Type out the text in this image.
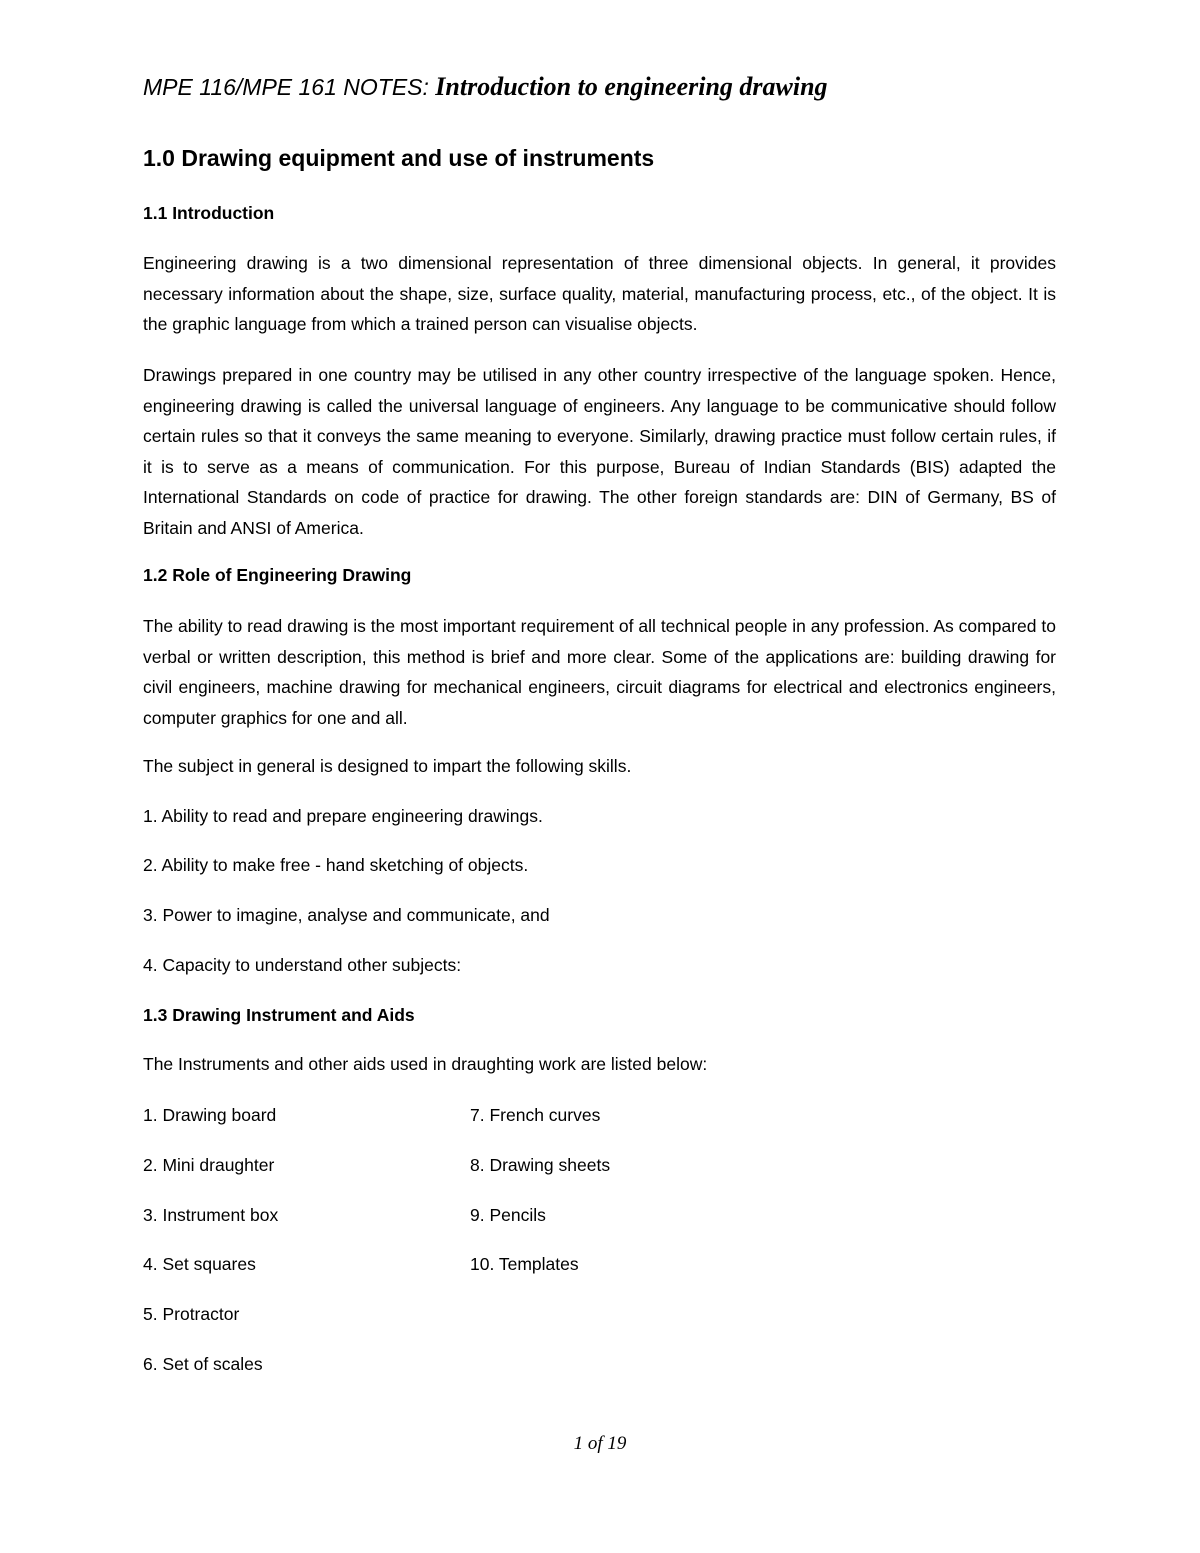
MPE 116/MPE 161 NOTES: Introduction to engineering drawing
1.0 Drawing equipment and use of instruments
1.1 Introduction
Engineering drawing is a two dimensional representation of three dimensional objects. In general, it provides necessary information about the shape, size, surface quality, material, manufacturing process, etc., of the object. It is the graphic language from which a trained person can visualise objects.
Drawings prepared in one country may be utilised in any other country irrespective of the language spoken. Hence, engineering drawing is called the universal language of engineers. Any language to be communicative should follow certain rules so that it conveys the same meaning to everyone. Similarly, drawing practice must follow certain rules, if it is to serve as a means of communication. For this purpose, Bureau of Indian Standards (BIS) adapted the International Standards on code of practice for drawing. The other foreign standards are: DIN of Germany, BS of Britain and ANSI of America.
1.2 Role of Engineering Drawing
The ability to read drawing is the most important requirement of all technical people in any profession. As compared to verbal or written description, this method is brief and more clear. Some of the applications are: building drawing for civil engineers, machine drawing for mechanical engineers, circuit diagrams for electrical and electronics engineers, computer graphics for one and all.
The subject in general is designed to impart the following skills.
1. Ability to read and prepare engineering drawings.
2. Ability to make free - hand sketching of objects.
3. Power to imagine, analyse and communicate, and
4. Capacity to understand other subjects:
1.3 Drawing Instrument and Aids
The Instruments and other aids used in draughting work are listed below:
1. Drawing board
2. Mini draughter
3. Instrument box
4. Set squares
5. Protractor
6. Set of scales
7. French curves
8. Drawing sheets
9. Pencils
10. Templates
1 of 19
